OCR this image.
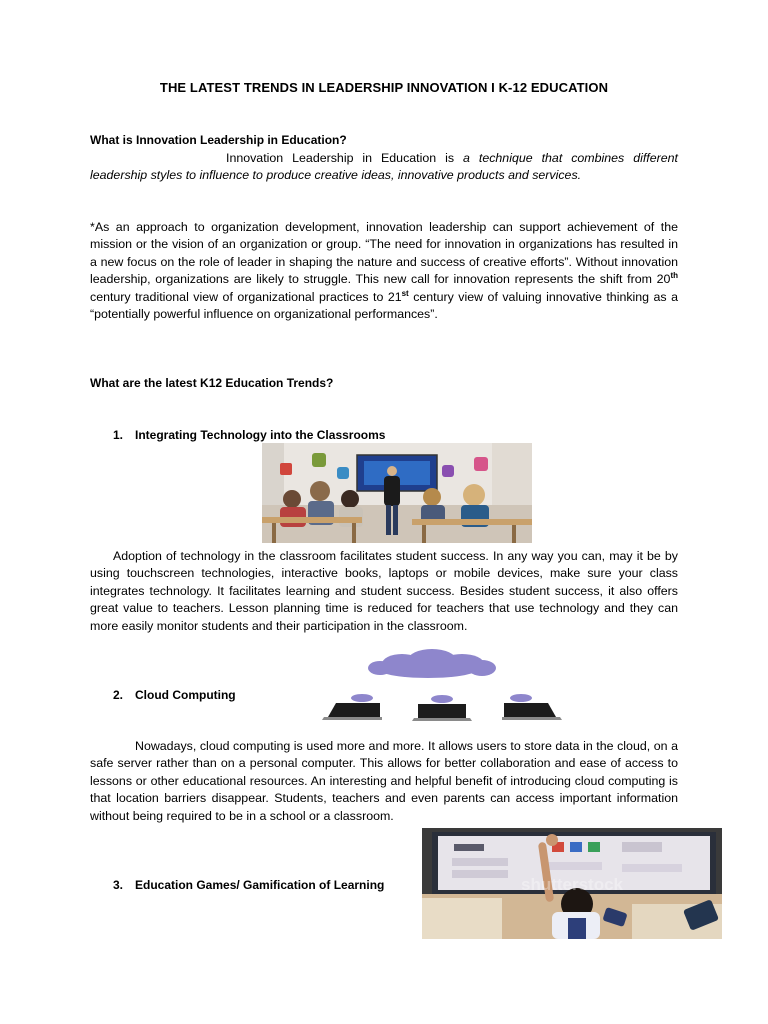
THE LATEST TRENDS IN LEADERSHIP INNOVATION I K-12 EDUCATION
What is Innovation Leadership in Education?
Innovation Leadership in Education is a technique that combines different leadership styles to influence to produce creative ideas, innovative products and services.
*As an approach to organization development, innovation leadership can support achievement of the mission or the vision of an organization or group. “The need for innovation in organizations has resulted in a new focus on the role of leader in shaping the nature and success of creative efforts”. Without innovation leadership, organizations are likely to struggle. This new call for innovation represents the shift from 20th century traditional view of organizational practices to 21st century view of valuing innovative thinking as a “potentially powerful influence on organizational performances”.
What are the latest K12 Education Trends?
1. Integrating Technology into the Classrooms
Adoption of technology in the classroom facilitates student success. In any way you can, may it be by using touchscreen technologies, interactive books, laptops or mobile devices, make sure your class integrates technology. It facilitates learning and student success. Besides student success, it also offers great value to teachers. Lesson planning time is reduced for teachers that use technology and they can more easily monitor students and their participation in the classroom.
2. Cloud Computing
Nowadays, cloud computing is used more and more. It allows users to store data in the cloud, on a safe server rather than on a personal computer. This allows for better collaboration and ease of access to lessons or other educational resources. An interesting and helpful benefit of introducing cloud computing is that location barriers disappear. Students, teachers and even parents can access important information without being required to be in a school or a classroom.
shutterstock
3. Education Games/ Gamification of Learning
